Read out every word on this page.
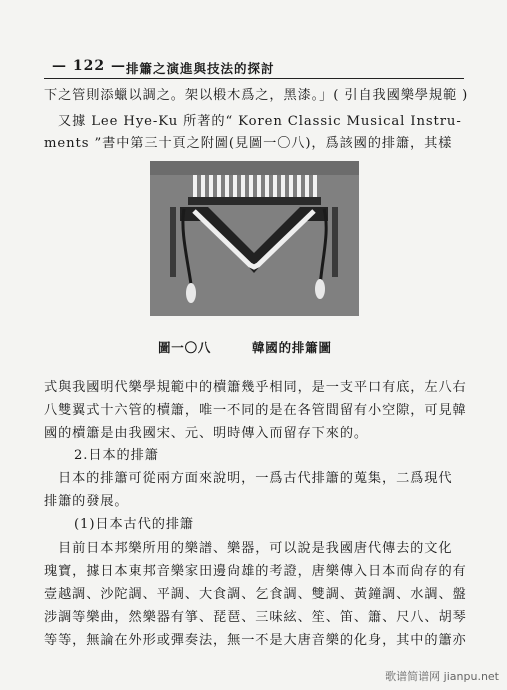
— 122 — 排簫之演進與技法的探討
下之管則添蠟以調之。架以椴木爲之，黑漆。」( 引自我國樂學規範 )
又據 Lee Hye-Ku 所著的“ Koren Classic Musical Instru-
ments ”書中第三十頁之附圖(見圖一〇八)，爲該國的排簫，其樣
圖一〇八	韓國的排簫圖
式與我國明代樂學規範中的櫝簫幾乎相同，是一支平口有底，左八右
八雙翼式十六管的櫝簫，唯一不同的是在各管間留有小空隙，可見韓
國的櫝簫是由我國宋、元、明時傳入而留存下來的。
2.日本的排簫
日本的排簫可從兩方面來說明，一爲古代排簫的蒐集，二爲現代
排簫的發展。
(1)日本古代的排簫
目前日本邦樂所用的樂譜、樂器，可以說是我國唐代傳去的文化
瑰寶，據日本東邦音樂家田邊尙雄的考證，唐樂傳入日本而尙存的有
壹越調、沙陀調、平調、大食調、乞食調、雙調、黃鐘調、水調、盤
涉調等樂曲，然樂器有箏、琵琶、三味絃、笙、笛、簫、尺八、胡琴
等等，無論在外形或彈奏法，無一不是大唐音樂的化身，其中的簫亦
歌谱简谱网 jianpu.net
